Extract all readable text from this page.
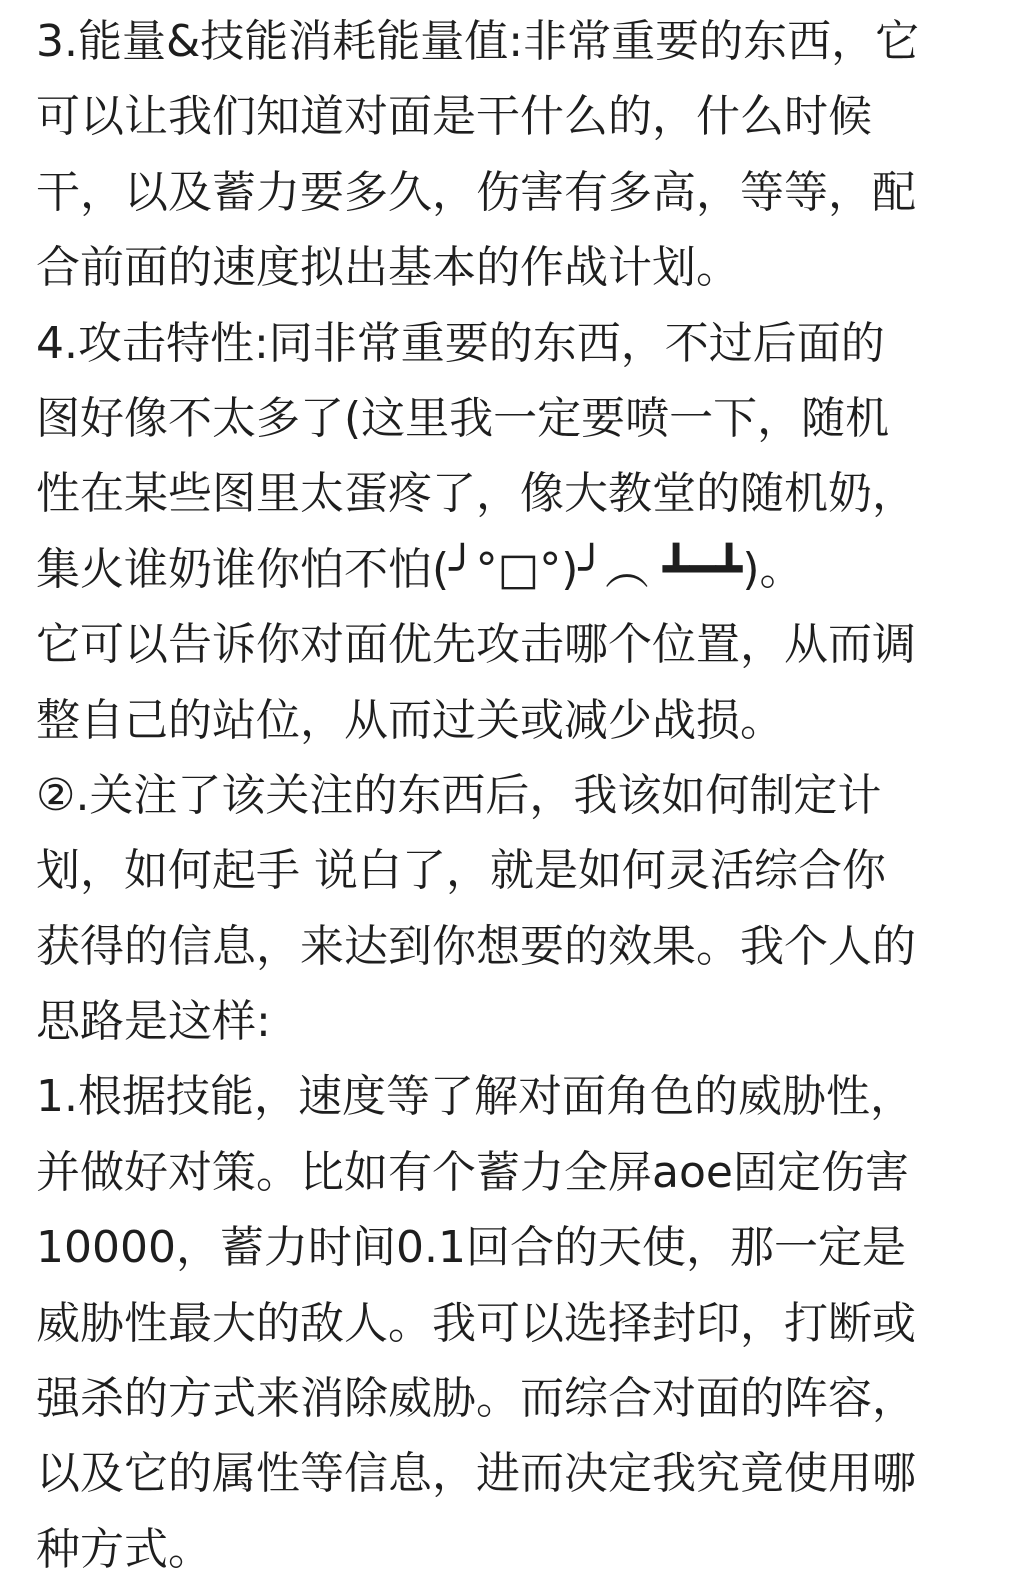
3.能量&技能消耗能量值:非常重要的东西，它
可以让我们知道对面是干什么的，什么时候
干，以及蓄力要多久，伤害有多高，等等，配
合前面的速度拟出基本的作战计划。
4.攻击特性:同非常重要的东西，不过后面的
图好像不太多了(这里我一定要喷一下，随机
性在某些图里太蛋疼了，像大教堂的随机奶，
集火谁奶谁你怕不怕(╯°□°)╯︵ ┻━┻)。
它可以告诉你对面优先攻击哪个位置，从而调
整自己的站位，从而过关或减少战损。
②.关注了该关注的东西后，我该如何制定计
划，如何起手 说白了，就是如何灵活综合你
获得的信息，来达到你想要的效果。我个人的
思路是这样:
1.根据技能，速度等了解对面角色的威胁性，
并做好对策。比如有个蓄力全屏aoe固定伤害
10000，蓄力时间0.1回合的天使，那一定是
威胁性最大的敌人。我可以选择封印，打断或
强杀的方式来消除威胁。而综合对面的阵容，
以及它的属性等信息，进而决定我究竟使用哪
种方式。
